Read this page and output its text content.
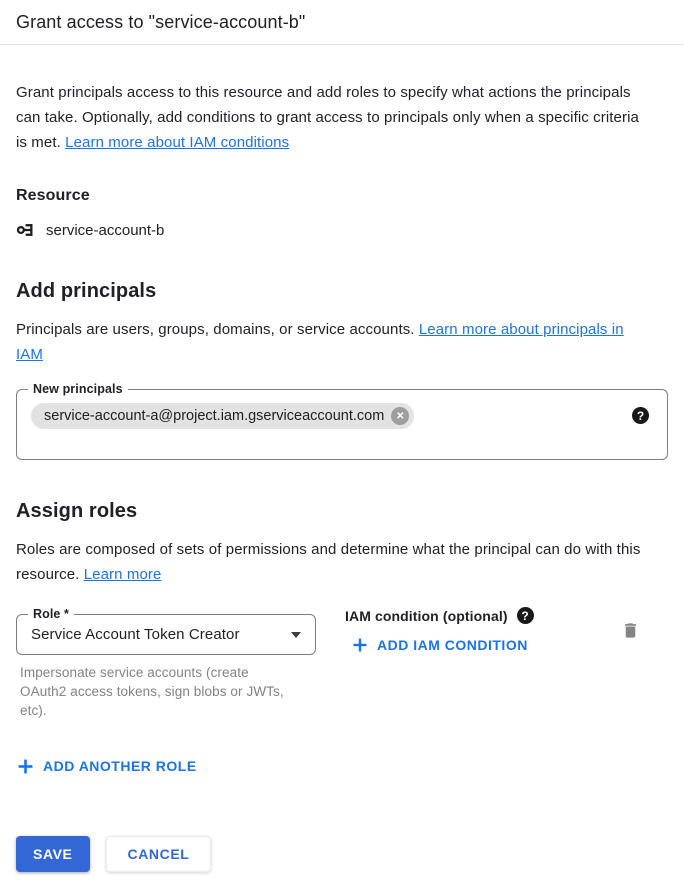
Grant access to "service-account-b"

Grant principals access to this resource and add roles to specify what actions the principals can take. Optionally, add conditions to grant access to principals only when a specific criteria is met. Learn more about IAM conditions

Resource
service-account-b
Add principals

Principals are users, groups, domains, or service accounts. Learn more about principals in IAM

New principals
service-account-a@project.iam.gserviceaccount.com ✕	?
Assign roles

Roles are composed of sets of permissions and determine what the principal can do with this resource. Learn more

Role *
Service Account Token Creator

Impersonate service accounts (create OAuth2 access tokens, sign blobs or JWTs, etc).

IAM condition (optional) ?
ADD IAM CONDITION
ADD ANOTHER ROLE
SAVE	CANCEL
